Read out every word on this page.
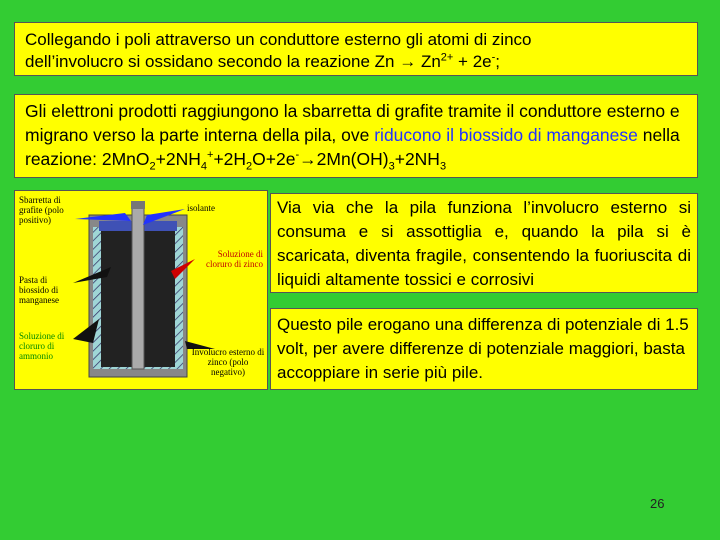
Collegando i poli attraverso un conduttore esterno gli atomi di zinco
dell’involucro si ossidano secondo la reazione $Zn \to Zn^{2+} + 2e^-$;
Gli elettroni prodotti raggiungono la sbarretta di grafite tramite il conduttore esterno e migrano verso la parte interna della pila, ove riducono il biossido di manganese nella reazione: $2MnO_2+2NH_4^++2H_2O+2e^-\to 2Mn(OH)_3+2NH_3$
Sbarretta di grafite (polo positivo)
isolante
Soluzione di cloruro di zinco
Pasta di biossido di manganese
Soluzione di cloruro di ammonio	Involucro esterno di zinco (polo negativo)
Via via che la pila funziona l’involucro esterno si consuma e si assottiglia e, quando la pila si è scaricata, diventa fragile, consentendo la fuoriuscita di liquidi altamente tossici e corrosivi
Questo pile erogano una differenza di potenziale di 1.5 volt, per avere differenze di potenziale maggiori, basta accoppiare in serie più pile.
26
